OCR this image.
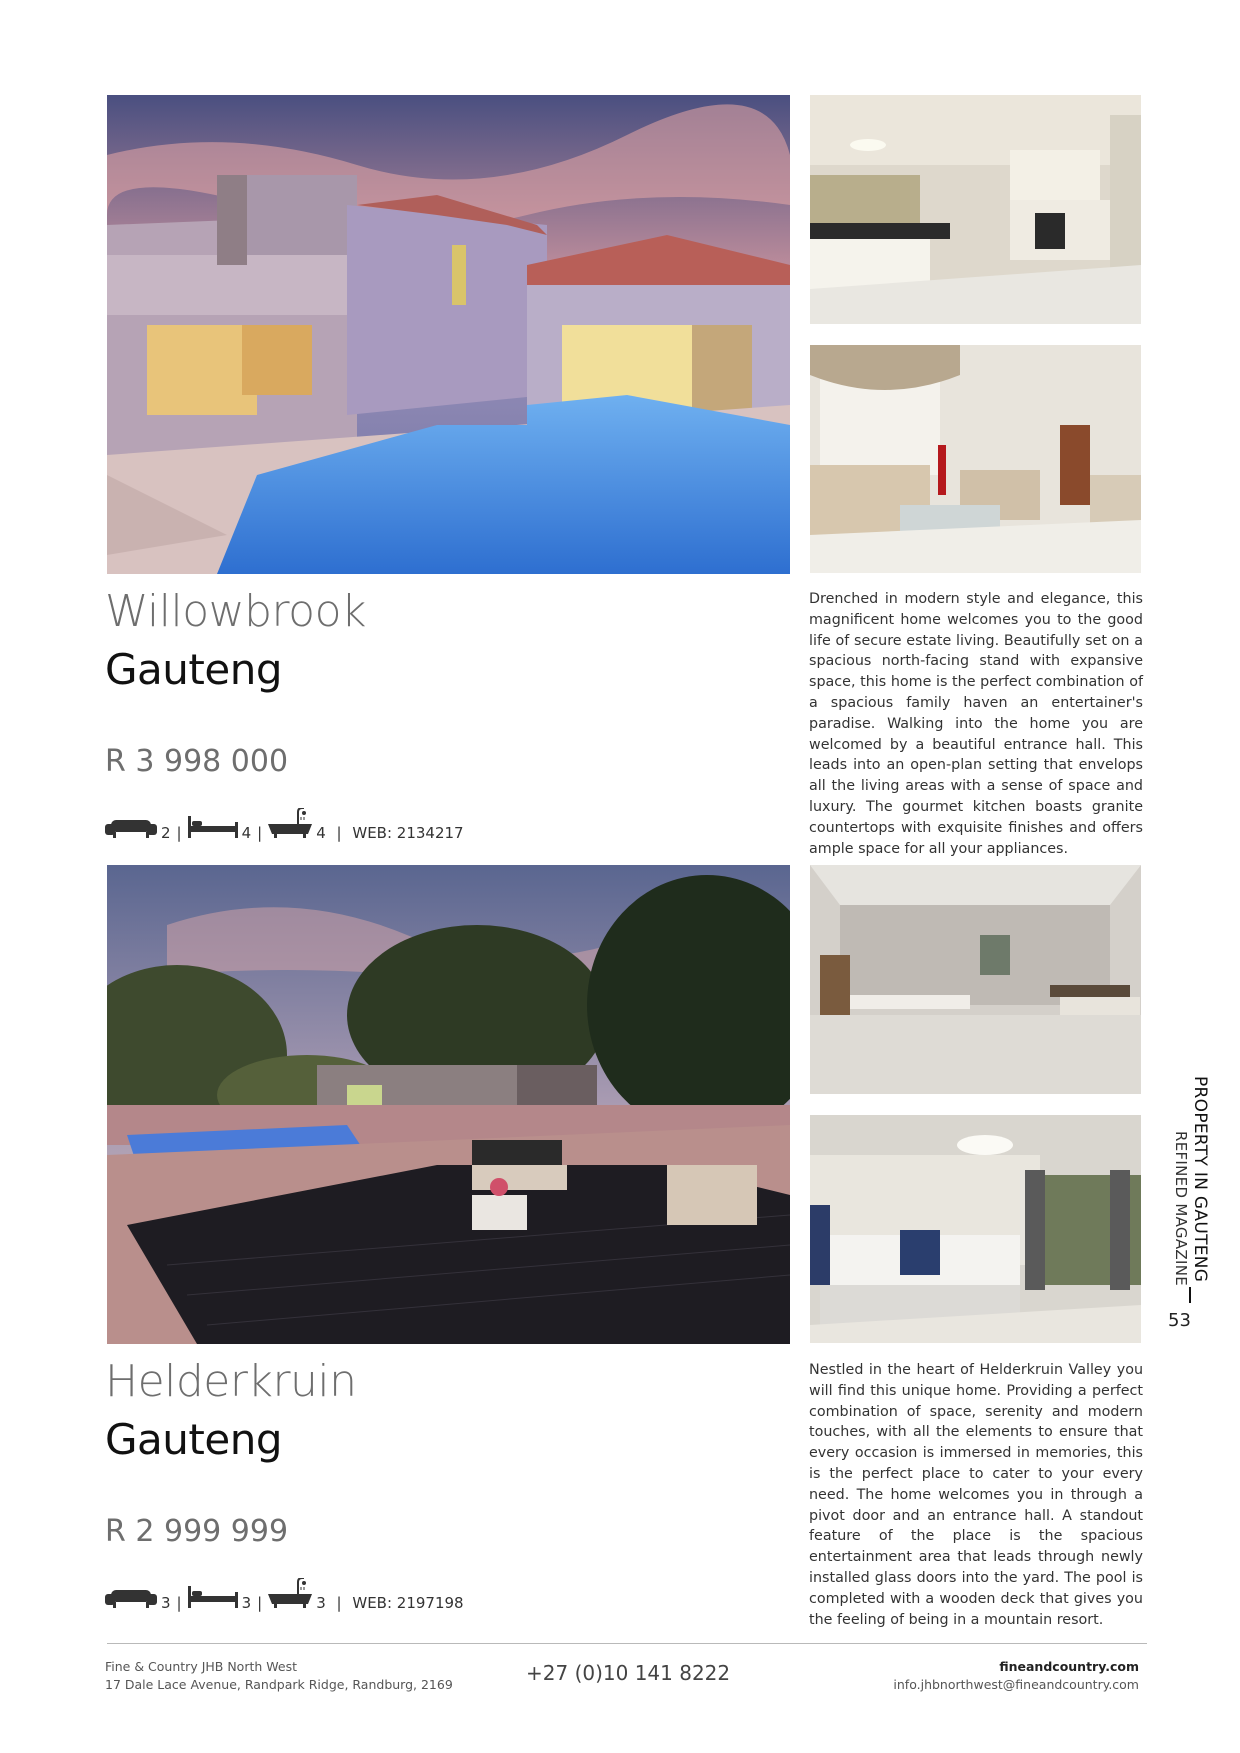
Willowbrook
Gauteng
R 3 998 000
2 |	4 |	4 | WEB: 2134217
Drenched in modern style and elegance, this magnificent home welcomes you to the good life of secure estate living. Beautifully set on a spacious north-facing stand with expansive space, this home is the perfect combination of a spacious family haven an entertainer's paradise. Walking into the home you are welcomed by a beautiful entrance hall. This leads into an open-plan setting that envelops all the living areas with a sense of space and luxury. The gourmet kitchen boasts granite countertops with exquisite finishes and offers ample space for all your appliances.
Helderkruin
Gauteng
R 2 999 999
3 |	3 |	3 | WEB: 2197198
Nestled in the heart of Helderkruin Valley you will find this unique home. Providing a perfect combination of space, serenity and modern touches, with all the elements to ensure that every occasion is immersed in memories, this is the perfect place to cater to your every need. The home welcomes you in through a pivot door and an entrance hall. A standout feature of the place is the spacious entertainment area that leads through newly installed glass doors into the yard. The pool is completed with a wooden deck that gives you the feeling of being in a mountain resort.
PROPERTY IN GAUTENG
REFINED MAGAZINE
53
Fine & Country JHB North West
17 Dale Lace Avenue, Randpark Ridge, Randburg, 2169	+27 (0)10 141 8222	fineandcountry.com
info.jhbnorthwest@fineandcountry.com
